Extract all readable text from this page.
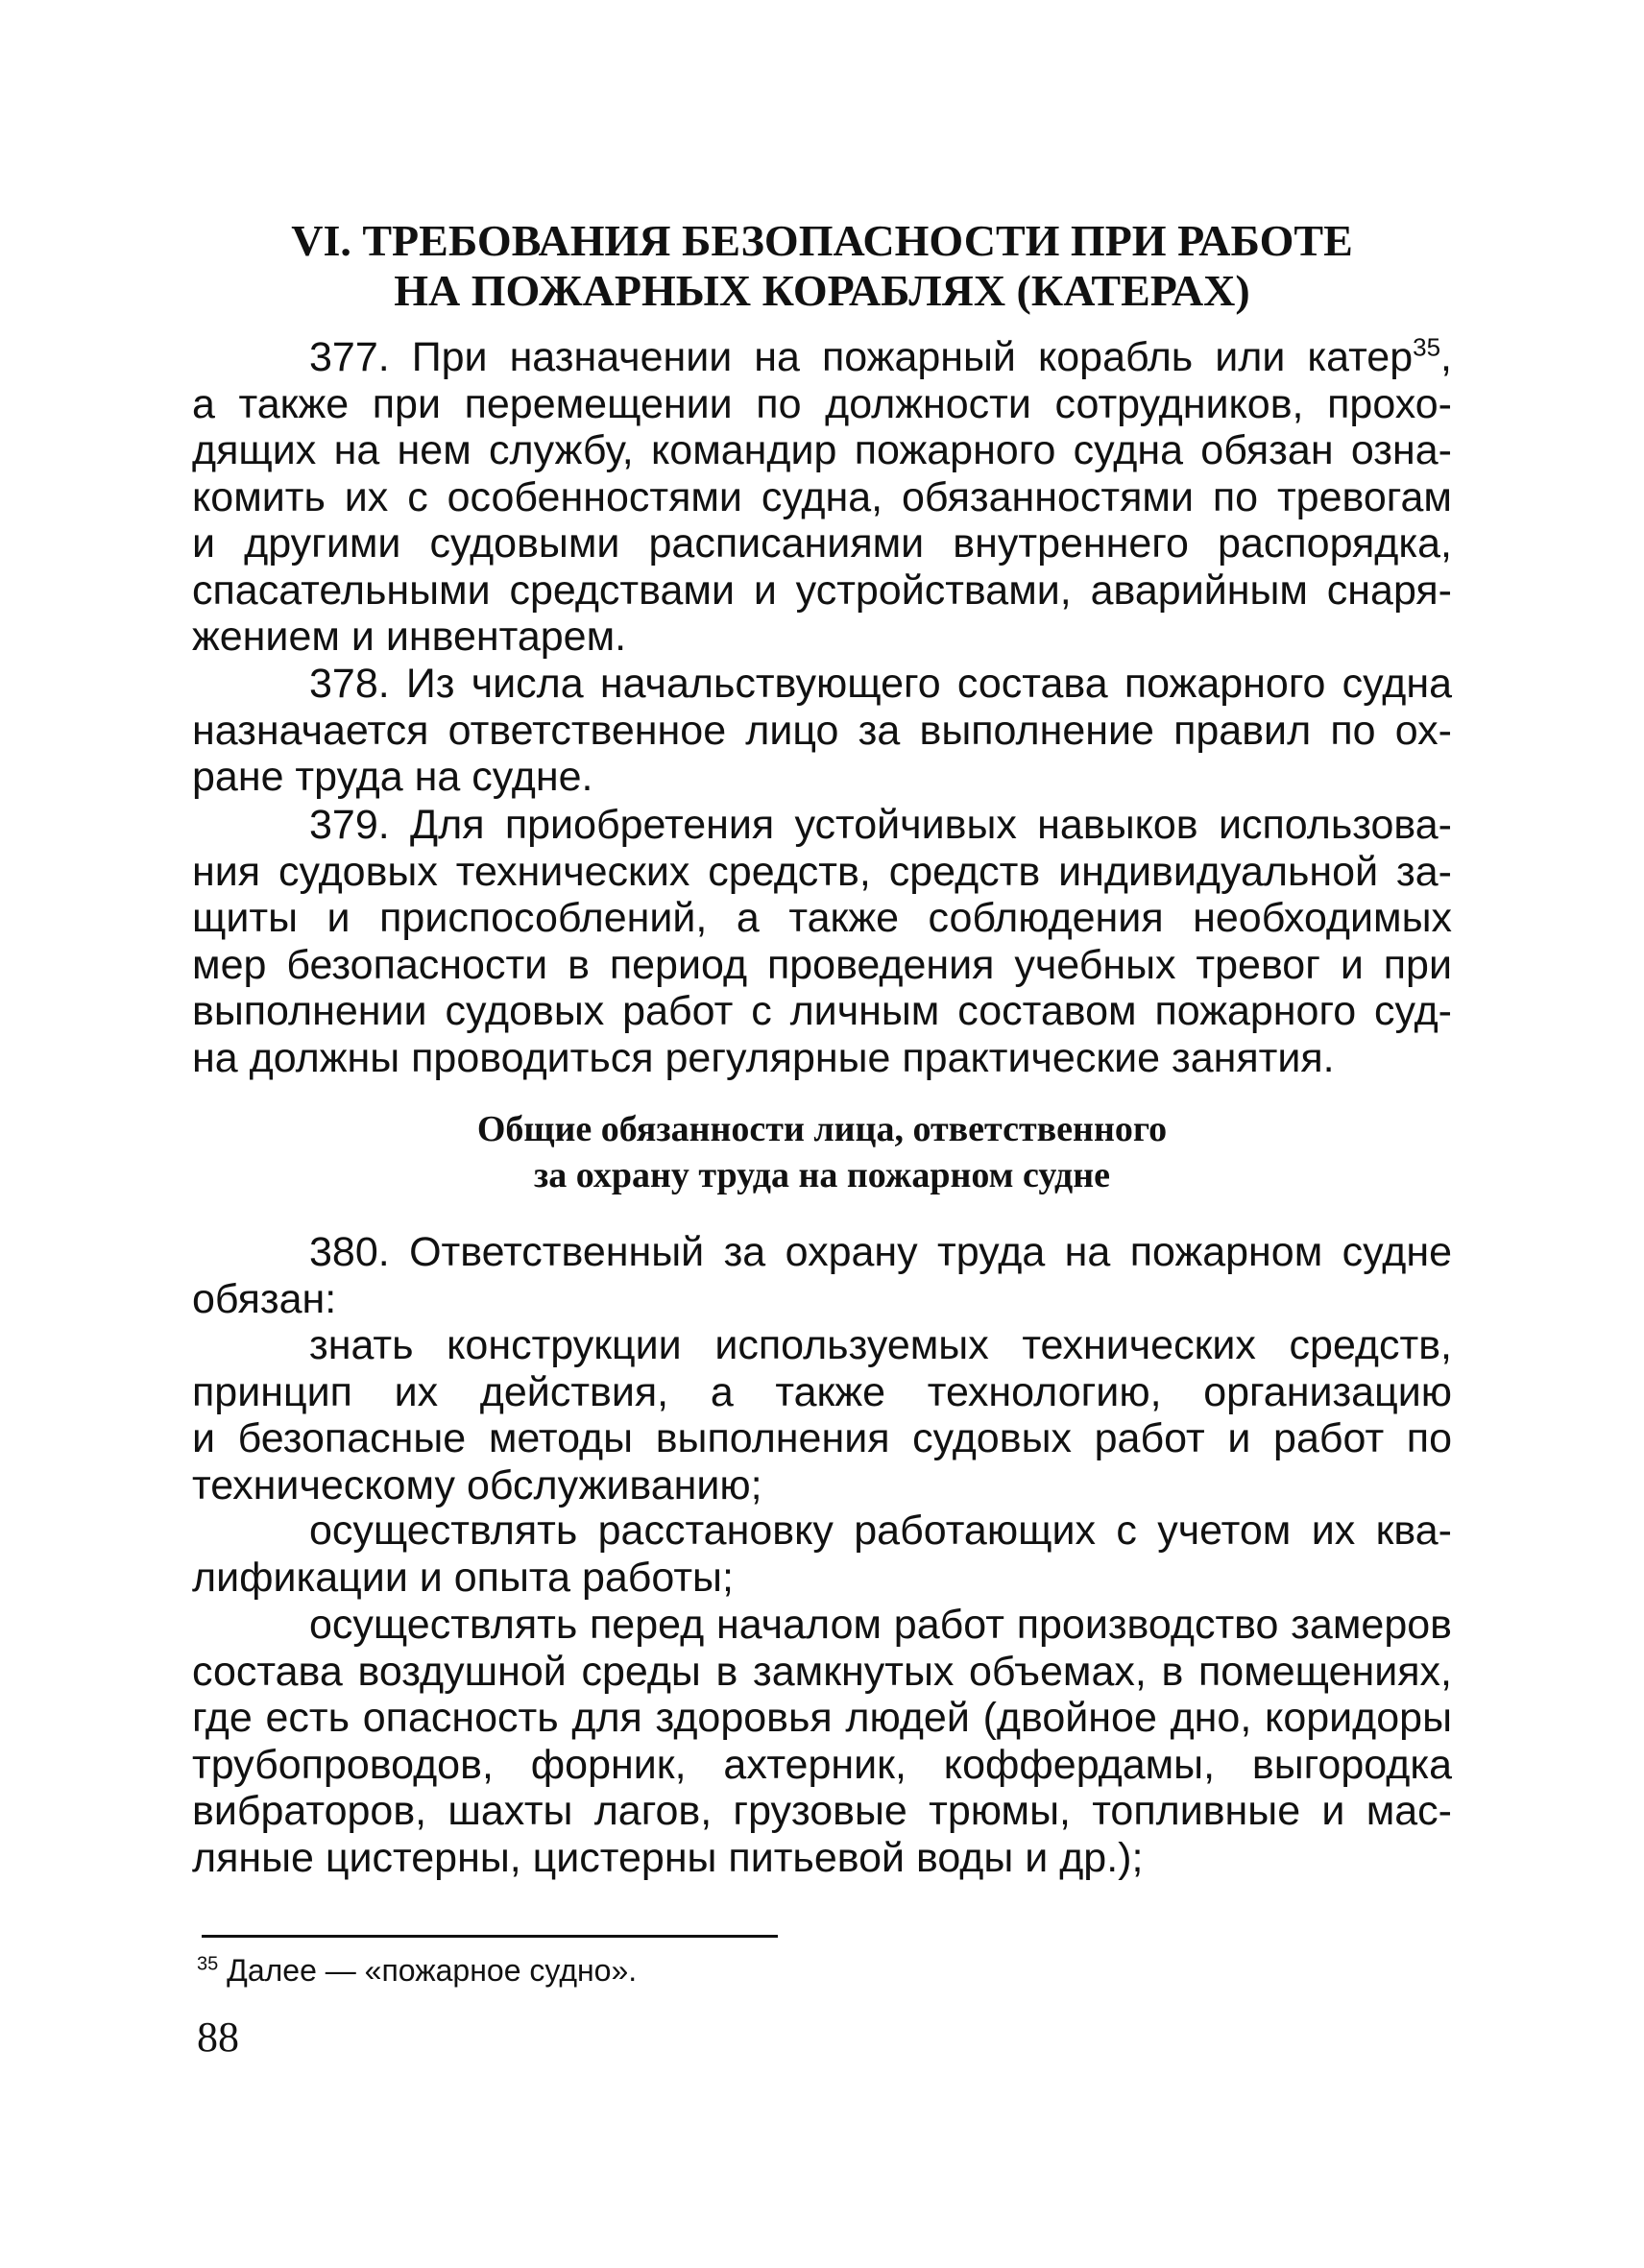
VI. ТРЕБОВАНИЯ БЕЗОПАСНОСТИ ПРИ РАБОТЕ
НА ПОЖАРНЫХ КОРАБЛЯХ (КАТЕРАХ)
377. При назначении на пожарный корабль или катер$^{35}$,
а также при перемещении по должности сотрудников, прохо-
дящих на нем службу, командир пожарного судна обязан озна-
комить их с особенностями судна, обязанностями по тревогам
и другими судовыми расписаниями внутреннего распорядка,
спасательными средствами и устройствами, аварийным снаря-
жением и инвентарем.
378. Из числа начальствующего состава пожарного судна
назначается ответственное лицо за выполнение правил по ох-
ране труда на судне.
379. Для приобретения устойчивых навыков использова-
ния судовых технических средств, средств индивидуальной за-
щиты и приспособлений, а также соблюдения необходимых
мер безопасности в период проведения учебных тревог и при
выполнении судовых работ с личным составом пожарного суд-
на должны проводиться регулярные практические занятия.
Общие обязанности лица, ответственного
за охрану труда на пожарном судне
380. Ответственный за охрану труда на пожарном судне
обязан:
знать конструкции используемых технических средств,
принцип их действия, а также технологию, организацию
и безопасные методы выполнения судовых работ и работ по
техническому обслуживанию;
осуществлять расстановку работающих с учетом их ква-
лификации и опыта работы;
осуществлять перед началом работ производство замеров
состава воздушной среды в замкнутых объемах, в помещениях,
где есть опасность для здоровья людей (двойное дно, коридоры
трубопроводов, форник, ахтерник, коффердамы, выгородка
вибраторов, шахты лагов, грузовые трюмы, топливные и мас-
ляные цистерны, цистерны питьевой воды и др.);
$^{35}$ Далее — «пожарное судно».
88
